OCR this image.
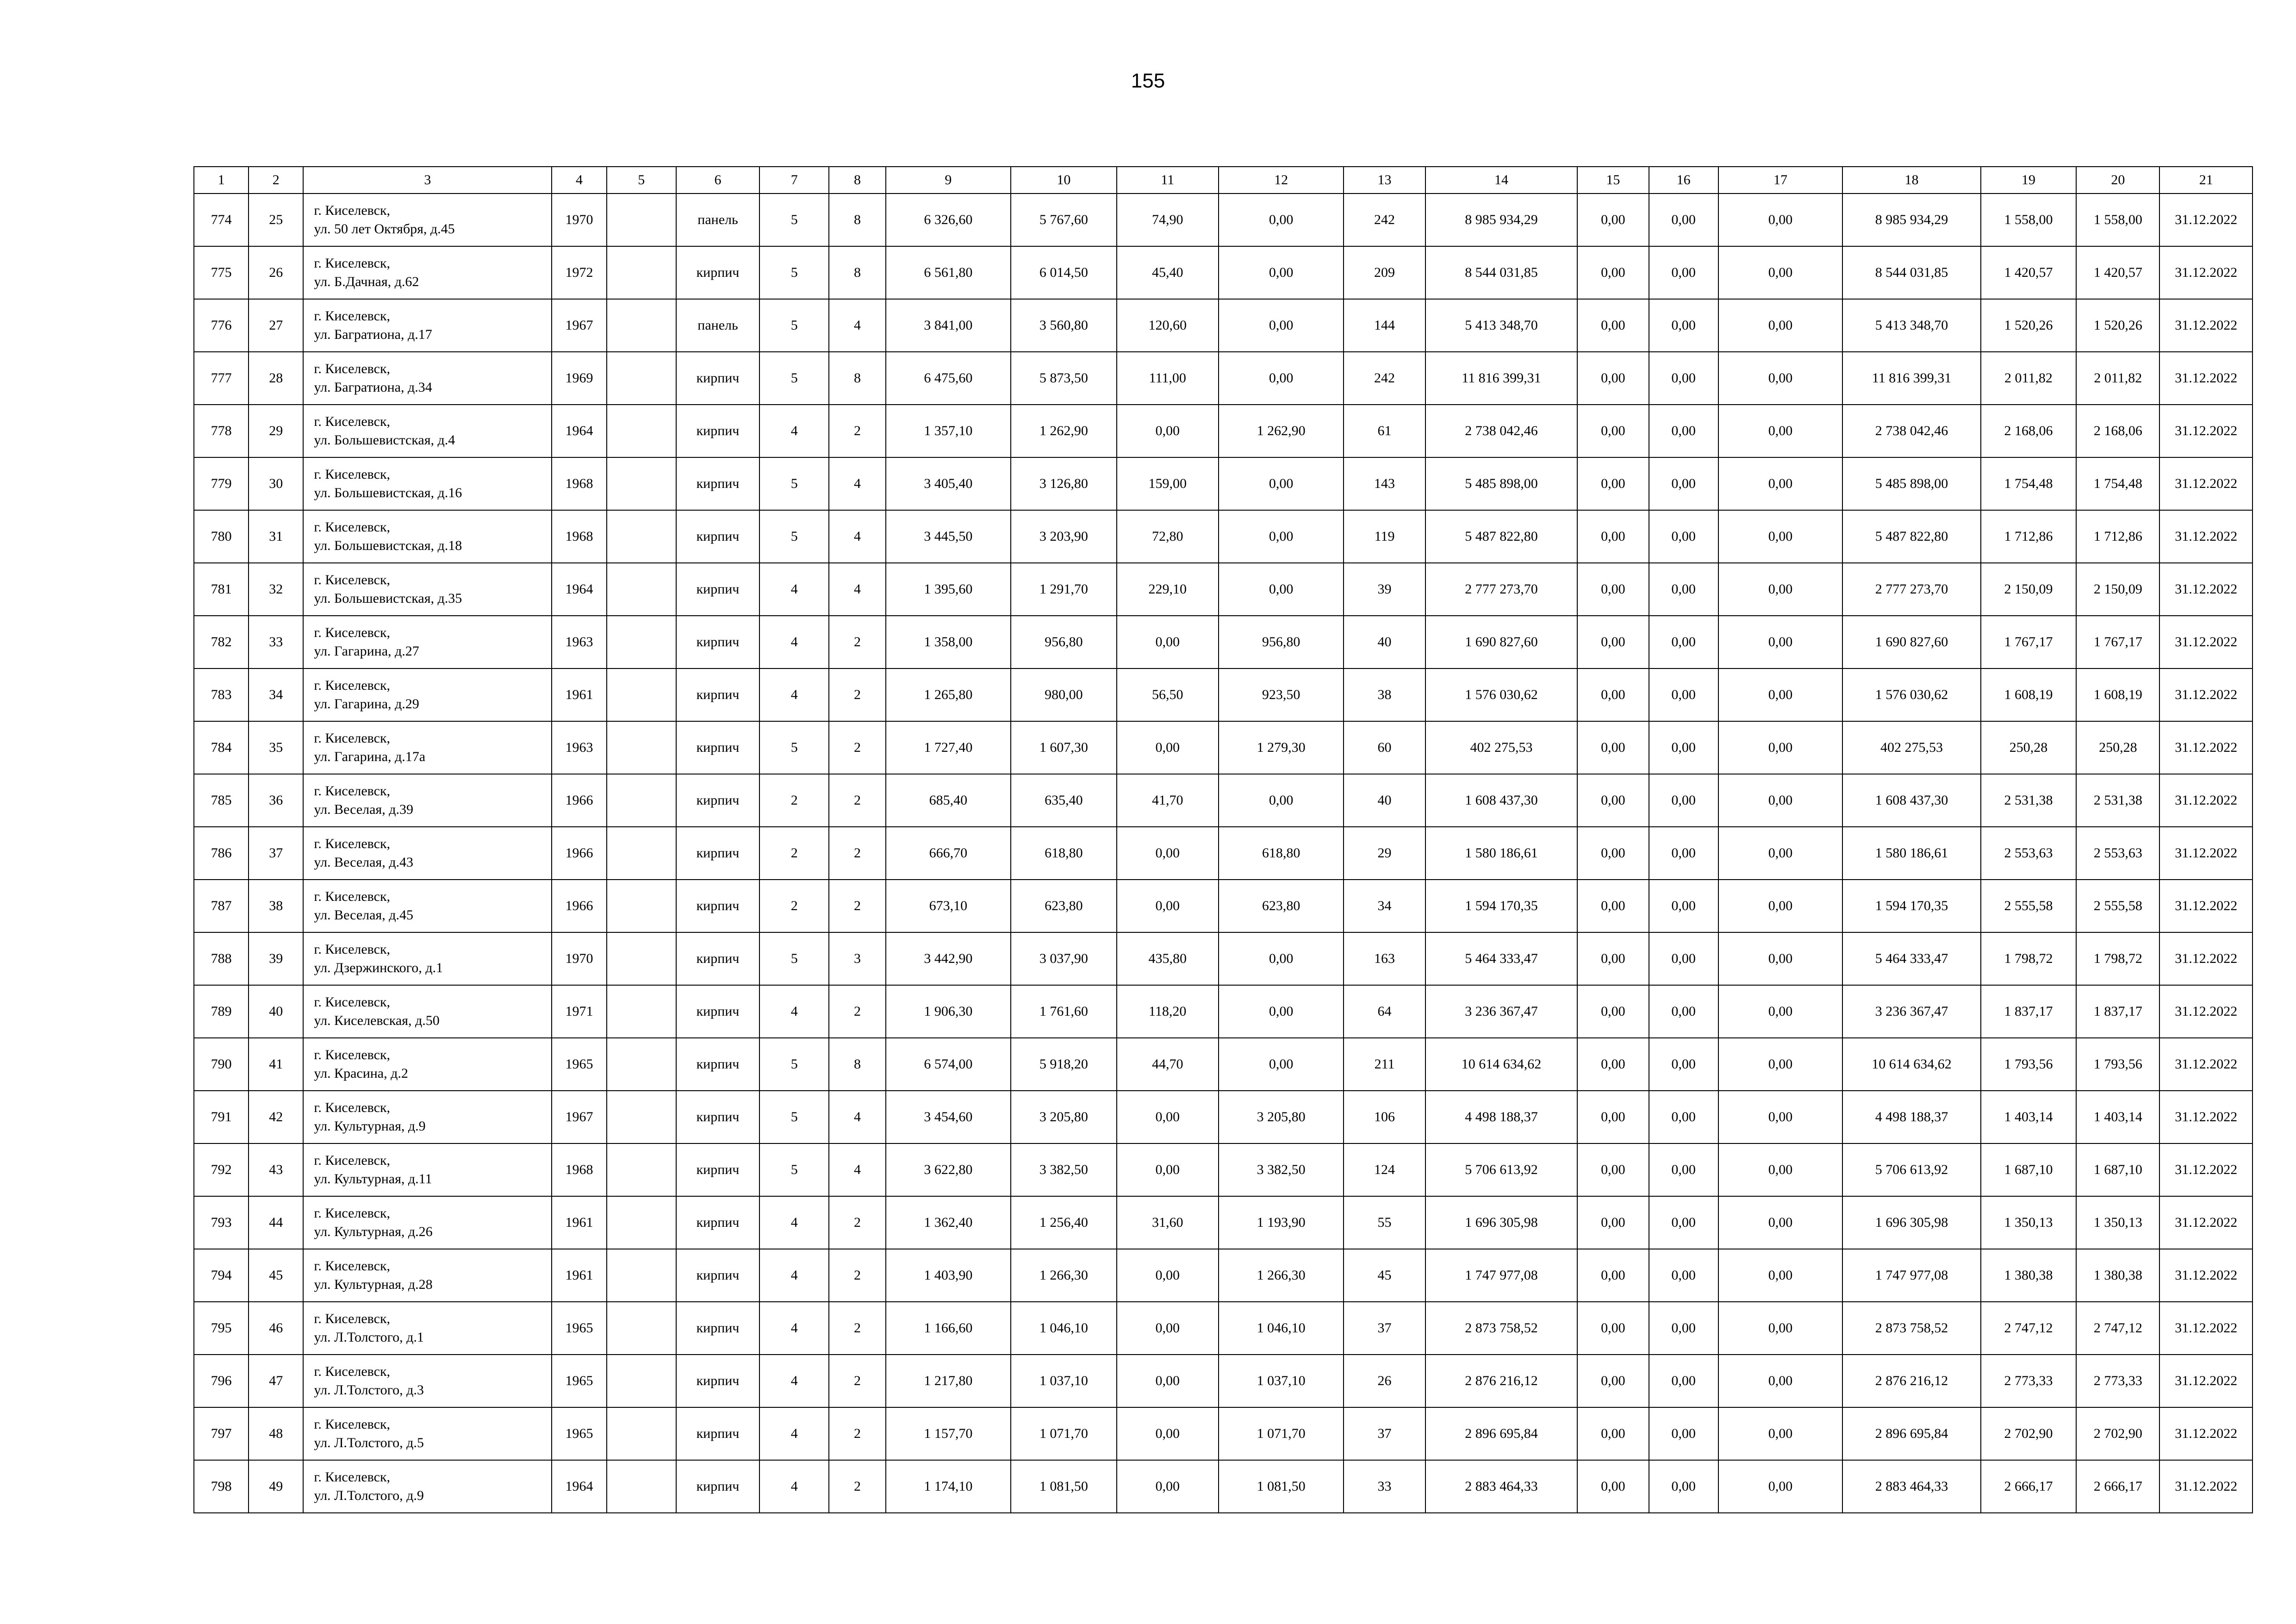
155
1	2	3	4	5	6	7	8	9	10	11	12	13	14	15	16	17	18	19	20	21
774	25	г. Киселевск,
ул. 50 лет Октября, д.45	1970		панель	5	8	6 326,60	5 767,60	74,90	0,00	242	8 985 934,29	0,00	0,00	0,00	8 985 934,29	1 558,00	1 558,00	31.12.2022
775	26	г. Киселевск,
ул. Б.Дачная, д.62	1972		кирпич	5	8	6 561,80	6 014,50	45,40	0,00	209	8 544 031,85	0,00	0,00	0,00	8 544 031,85	1 420,57	1 420,57	31.12.2022
776	27	г. Киселевск,
ул. Багратиона, д.17	1967		панель	5	4	3 841,00	3 560,80	120,60	0,00	144	5 413 348,70	0,00	0,00	0,00	5 413 348,70	1 520,26	1 520,26	31.12.2022
777	28	г. Киселевск,
ул. Багратиона, д.34	1969		кирпич	5	8	6 475,60	5 873,50	111,00	0,00	242	11 816 399,31	0,00	0,00	0,00	11 816 399,31	2 011,82	2 011,82	31.12.2022
778	29	г. Киселевск,
ул. Большевистская, д.4	1964		кирпич	4	2	1 357,10	1 262,90	0,00	1 262,90	61	2 738 042,46	0,00	0,00	0,00	2 738 042,46	2 168,06	2 168,06	31.12.2022
779	30	г. Киселевск,
ул. Большевистская, д.16	1968		кирпич	5	4	3 405,40	3 126,80	159,00	0,00	143	5 485 898,00	0,00	0,00	0,00	5 485 898,00	1 754,48	1 754,48	31.12.2022
780	31	г. Киселевск,
ул. Большевистская, д.18	1968		кирпич	5	4	3 445,50	3 203,90	72,80	0,00	119	5 487 822,80	0,00	0,00	0,00	5 487 822,80	1 712,86	1 712,86	31.12.2022
781	32	г. Киселевск,
ул. Большевистская, д.35	1964		кирпич	4	4	1 395,60	1 291,70	229,10	0,00	39	2 777 273,70	0,00	0,00	0,00	2 777 273,70	2 150,09	2 150,09	31.12.2022
782	33	г. Киселевск,
ул. Гагарина, д.27	1963		кирпич	4	2	1 358,00	956,80	0,00	956,80	40	1 690 827,60	0,00	0,00	0,00	1 690 827,60	1 767,17	1 767,17	31.12.2022
783	34	г. Киселевск,
ул. Гагарина, д.29	1961		кирпич	4	2	1 265,80	980,00	56,50	923,50	38	1 576 030,62	0,00	0,00	0,00	1 576 030,62	1 608,19	1 608,19	31.12.2022
784	35	г. Киселевск,
ул. Гагарина, д.17а	1963		кирпич	5	2	1 727,40	1 607,30	0,00	1 279,30	60	402 275,53	0,00	0,00	0,00	402 275,53	250,28	250,28	31.12.2022
785	36	г. Киселевск,
ул. Веселая, д.39	1966		кирпич	2	2	685,40	635,40	41,70	0,00	40	1 608 437,30	0,00	0,00	0,00	1 608 437,30	2 531,38	2 531,38	31.12.2022
786	37	г. Киселевск,
ул. Веселая, д.43	1966		кирпич	2	2	666,70	618,80	0,00	618,80	29	1 580 186,61	0,00	0,00	0,00	1 580 186,61	2 553,63	2 553,63	31.12.2022
787	38	г. Киселевск,
ул. Веселая, д.45	1966		кирпич	2	2	673,10	623,80	0,00	623,80	34	1 594 170,35	0,00	0,00	0,00	1 594 170,35	2 555,58	2 555,58	31.12.2022
788	39	г. Киселевск,
ул. Дзержинского, д.1	1970		кирпич	5	3	3 442,90	3 037,90	435,80	0,00	163	5 464 333,47	0,00	0,00	0,00	5 464 333,47	1 798,72	1 798,72	31.12.2022
789	40	г. Киселевск,
ул. Киселевская, д.50	1971		кирпич	4	2	1 906,30	1 761,60	118,20	0,00	64	3 236 367,47	0,00	0,00	0,00	3 236 367,47	1 837,17	1 837,17	31.12.2022
790	41	г. Киселевск,
ул. Красина, д.2	1965		кирпич	5	8	6 574,00	5 918,20	44,70	0,00	211	10 614 634,62	0,00	0,00	0,00	10 614 634,62	1 793,56	1 793,56	31.12.2022
791	42	г. Киселевск,
ул. Культурная, д.9	1967		кирпич	5	4	3 454,60	3 205,80	0,00	3 205,80	106	4 498 188,37	0,00	0,00	0,00	4 498 188,37	1 403,14	1 403,14	31.12.2022
792	43	г. Киселевск,
ул. Культурная, д.11	1968		кирпич	5	4	3 622,80	3 382,50	0,00	3 382,50	124	5 706 613,92	0,00	0,00	0,00	5 706 613,92	1 687,10	1 687,10	31.12.2022
793	44	г. Киселевск,
ул. Культурная, д.26	1961		кирпич	4	2	1 362,40	1 256,40	31,60	1 193,90	55	1 696 305,98	0,00	0,00	0,00	1 696 305,98	1 350,13	1 350,13	31.12.2022
794	45	г. Киселевск,
ул. Культурная, д.28	1961		кирпич	4	2	1 403,90	1 266,30	0,00	1 266,30	45	1 747 977,08	0,00	0,00	0,00	1 747 977,08	1 380,38	1 380,38	31.12.2022
795	46	г. Киселевск,
ул. Л.Толстого, д.1	1965		кирпич	4	2	1 166,60	1 046,10	0,00	1 046,10	37	2 873 758,52	0,00	0,00	0,00	2 873 758,52	2 747,12	2 747,12	31.12.2022
796	47	г. Киселевск,
ул. Л.Толстого, д.3	1965		кирпич	4	2	1 217,80	1 037,10	0,00	1 037,10	26	2 876 216,12	0,00	0,00	0,00	2 876 216,12	2 773,33	2 773,33	31.12.2022
797	48	г. Киселевск,
ул. Л.Толстого, д.5	1965		кирпич	4	2	1 157,70	1 071,70	0,00	1 071,70	37	2 896 695,84	0,00	0,00	0,00	2 896 695,84	2 702,90	2 702,90	31.12.2022
798	49	г. Киселевск,
ул. Л.Толстого, д.9	1964		кирпич	4	2	1 174,10	1 081,50	0,00	1 081,50	33	2 883 464,33	0,00	0,00	0,00	2 883 464,33	2 666,17	2 666,17	31.12.2022
